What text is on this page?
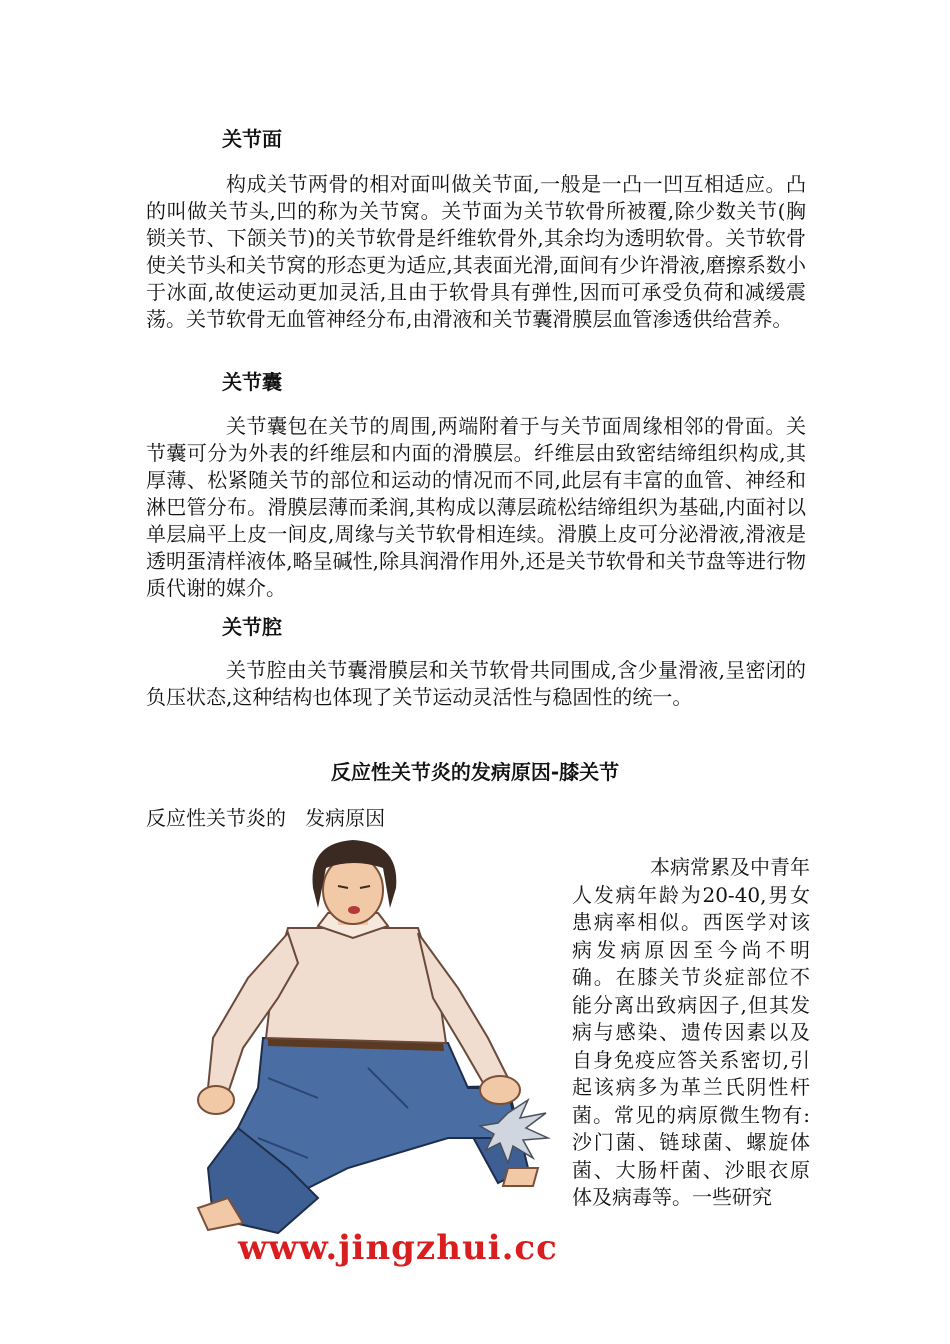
关节面

构成关节两骨的相对面叫做关节面,一般是一凸一凹互相适应。凸的叫做关节头,凹的称为关节窝。关节面为关节软骨所被覆,除少数关节(胸锁关节、下颌关节)的关节软骨是纤维软骨外,其余均为透明软骨。关节软骨使关节头和关节窝的形态更为适应,其表面光滑,面间有少许滑液,磨擦系数小于冰面,故使运动更加灵活,且由于软骨具有弹性,因而可承受负荷和减缓震荡。关节软骨无血管神经分布,由滑液和关节囊滑膜层血管渗透供给营养。

关节囊

关节囊包在关节的周围,两端附着于与关节面周缘相邻的骨面。关节囊可分为外表的纤维层和内面的滑膜层。纤维层由致密结缔组织构成,其厚薄、松紧随关节的部位和运动的情况而不同,此层有丰富的血管、神经和淋巴管分布。滑膜层薄而柔润,其构成以薄层疏松结缔组织为基础,内面衬以单层扁平上皮一间皮,周缘与关节软骨相连续。滑膜上皮可分泌滑液,滑液是透明蛋清样液体,略呈碱性,除具润滑作用外,还是关节软骨和关节盘等进行物质代谢的媒介。

关节腔

关节腔由关节囊滑膜层和关节软骨共同围成,含少量滑液,呈密闭的负压状态,这种结构也体现了关节运动灵活性与稳固性的统一。

反应性关节炎的发病原因-膝关节
反应性关节炎的   发病原因

本病常累及中青年人发病年龄为20-40,男女患病率相似。西医学对该病发病原因至今尚不明确。在膝关节炎症部位不能分离出致病因子,但其发病与感染、遗传因素以及自身免疫应答关系密切,引起该病多为革兰氏阴性杆菌。常见的病原微生物有:沙门菌、链球菌、螺旋体菌、大肠杆菌、沙眼衣原体及病毒等。一些研究

www.jingzhui.cc
